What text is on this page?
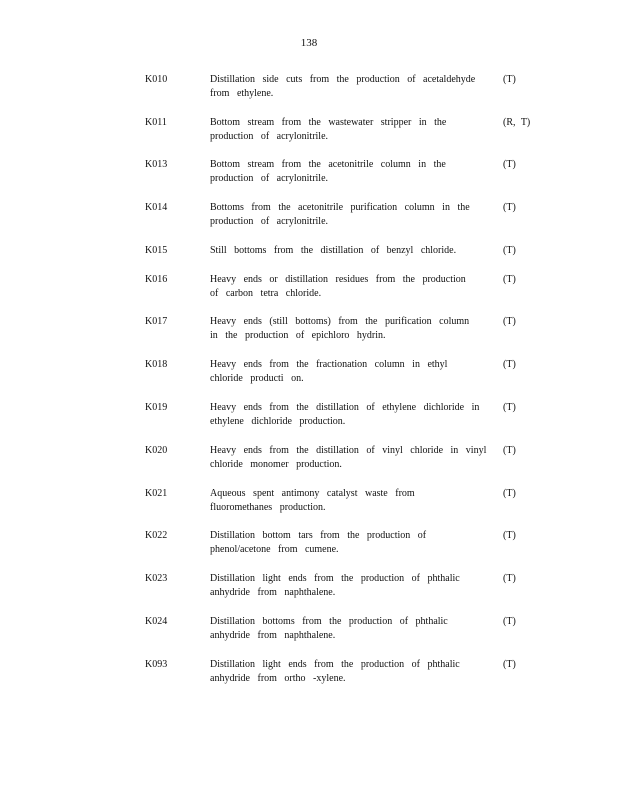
138
K010	Distillation side cuts from the production of acetaldehyde
from ethylene.
(T)
K011	Bottom stream from the wastewater stripper in the
production of acrylonitrile.
(R, T)
K013	Bottom stream from the acetonitrile column in the
production of acrylonitrile.
(T)
K014	Bottoms from the acetonitrile purification column in the
production of acrylonitrile.
(T)
K015	Still bottoms from the distillation of benzyl chloride.	(T)
K016	Heavy ends or distillation residues from the production
of carbon tetra chloride.
(T)
K017	Heavy ends (still bottoms) from the purification column
in the production of epichloro hydrin.
(T)
K018	Heavy ends from the fractionation column in ethyl
chloride producti on.
(T)
K019	Heavy ends from the distillation of ethylene dichloride in
ethylene dichloride production.
(T)
K020	Heavy ends from the distillation of vinyl chloride in vinyl
chloride monomer production.
(T)
K021	Aqueous spent antimony catalyst waste from
fluoromethanes production.
(T)
K022	Distillation bottom tars from the production of
phenol/acetone from cumene.
(T)
K023	Distillation light ends from the production of phthalic
anhydride from naphthalene.
(T)
K024	Distillation bottoms from the production of phthalic
anhydride from naphthalene.
(T)
K093	Distillation light ends from the production of phthalic
anhydride from ortho -xylene.
(T)
